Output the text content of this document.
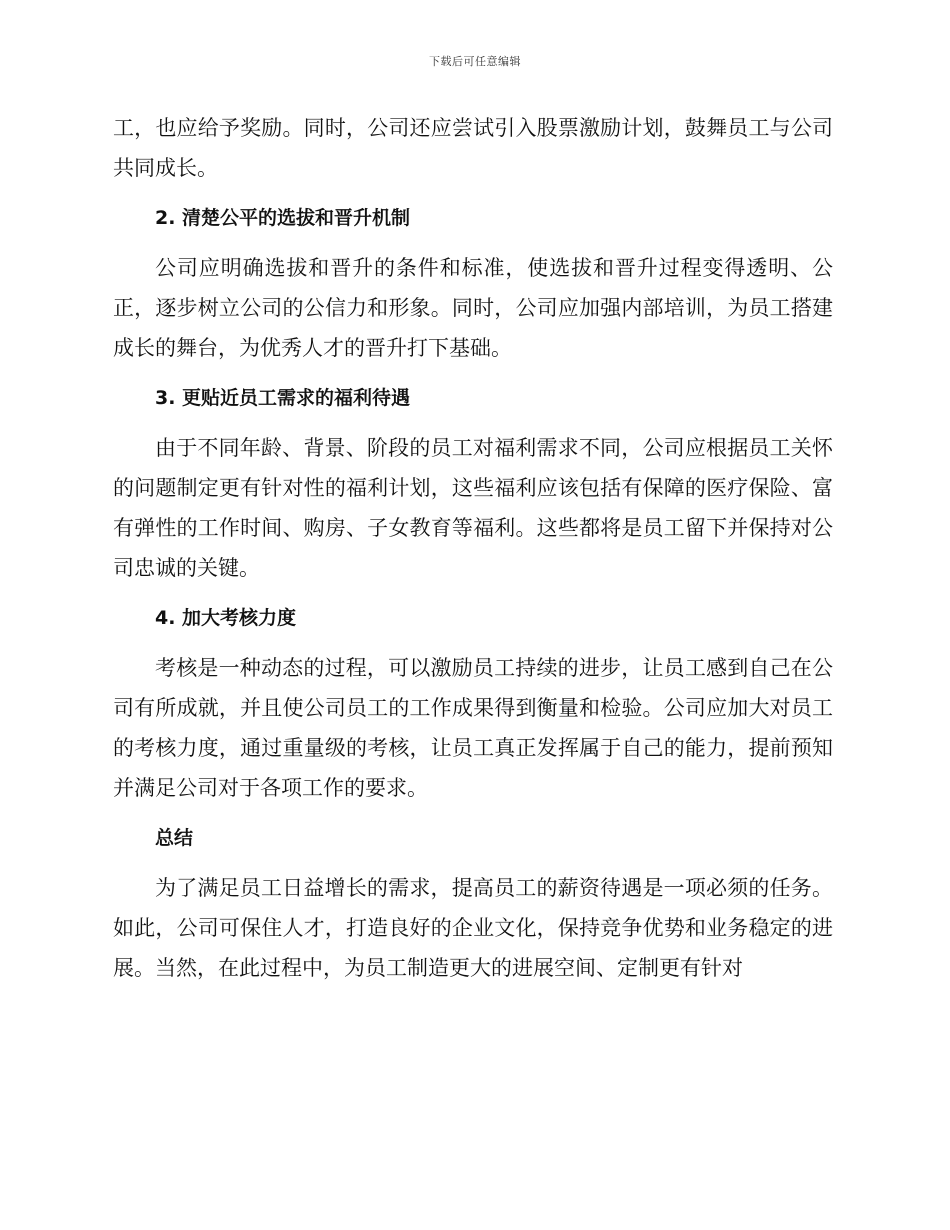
下载后可任意编辑

工，也应给予奖励。同时，公司还应尝试引入股票激励计划，鼓舞员工与公司共同成长。

2. 清楚公平的选拔和晋升机制

公司应明确选拔和晋升的条件和标准，使选拔和晋升过程变得透明、公正，逐步树立公司的公信力和形象。同时，公司应加强内部培训，为员工搭建成长的舞台，为优秀人才的晋升打下基础。

3. 更贴近员工需求的福利待遇

由于不同年龄、背景、阶段的员工对福利需求不同，公司应根据员工关怀的问题制定更有针对性的福利计划，这些福利应该包括有保障的医疗保险、富有弹性的工作时间、购房、子女教育等福利。这些都将是员工留下并保持对公司忠诚的关键。

4. 加大考核力度

考核是一种动态的过程，可以激励员工持续的进步，让员工感到自己在公司有所成就，并且使公司员工的工作成果得到衡量和检验。公司应加大对员工的考核力度，通过重量级的考核，让员工真正发挥属于自己的能力，提前预知并满足公司对于各项工作的要求。

总结

为了满足员工日益增长的需求，提高员工的薪资待遇是一项必须的任务。如此，公司可保住人才，打造良好的企业文化，保持竞争优势和业务稳定的进展。当然，在此过程中，为员工制造更大的进展空间、定制更有针对
